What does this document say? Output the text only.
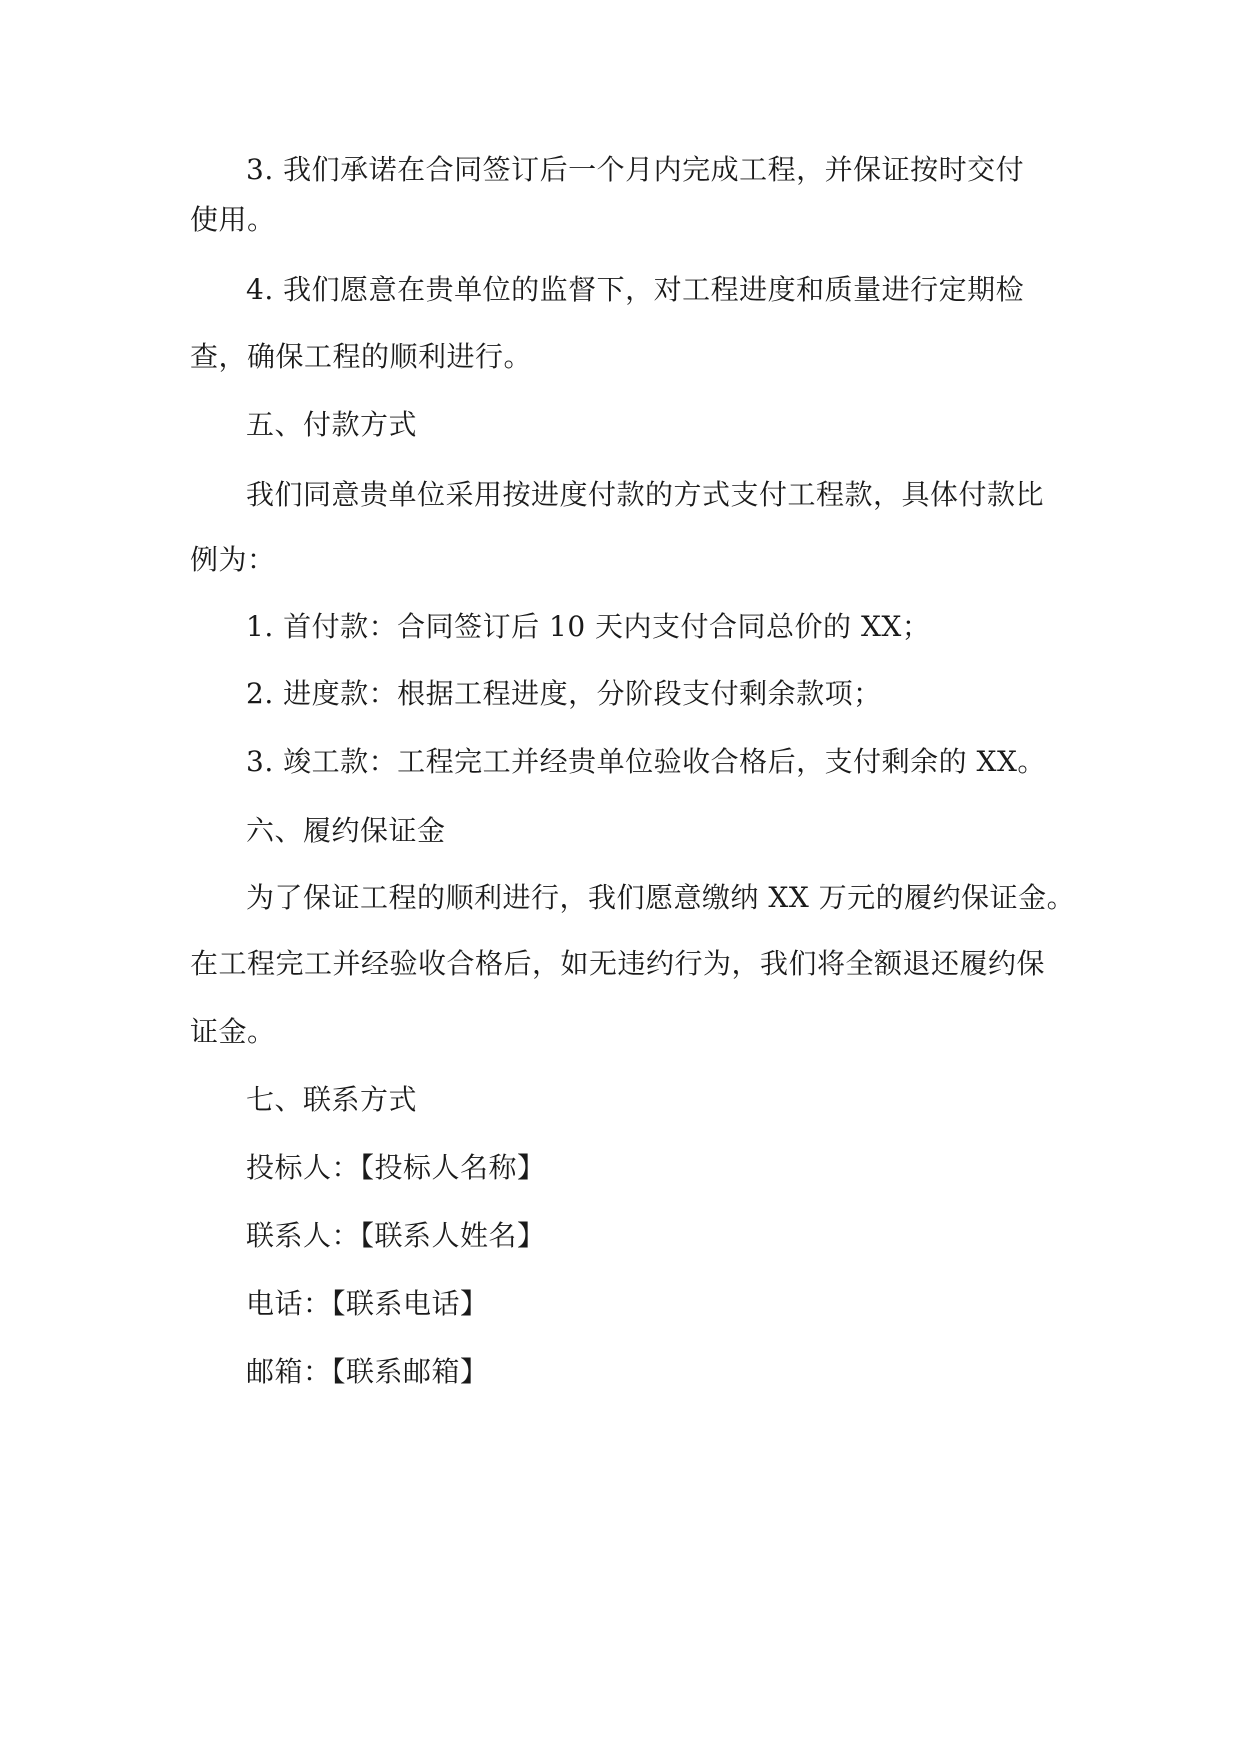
3. 我们承诺在合同签订后一个月内完成工程，并保证按时交付
使用。
4. 我们愿意在贵单位的监督下，对工程进度和质量进行定期检
查，确保工程的顺利进行。
五、付款方式
我们同意贵单位采用按进度付款的方式支付工程款，具体付款比
例为：
1. 首付款：合同签订后 10 天内支付合同总价的 XX；
2. 进度款：根据工程进度，分阶段支付剩余款项；
3. 竣工款：工程完工并经贵单位验收合格后，支付剩余的 XX。
六、履约保证金
为了保证工程的顺利进行，我们愿意缴纳 XX 万元的履约保证金。
在工程完工并经验收合格后，如无违约行为，我们将全额退还履约保
证金。
七、联系方式
投标人：【投标人名称】
联系人：【联系人姓名】
电话：【联系电话】
邮箱：【联系邮箱】
